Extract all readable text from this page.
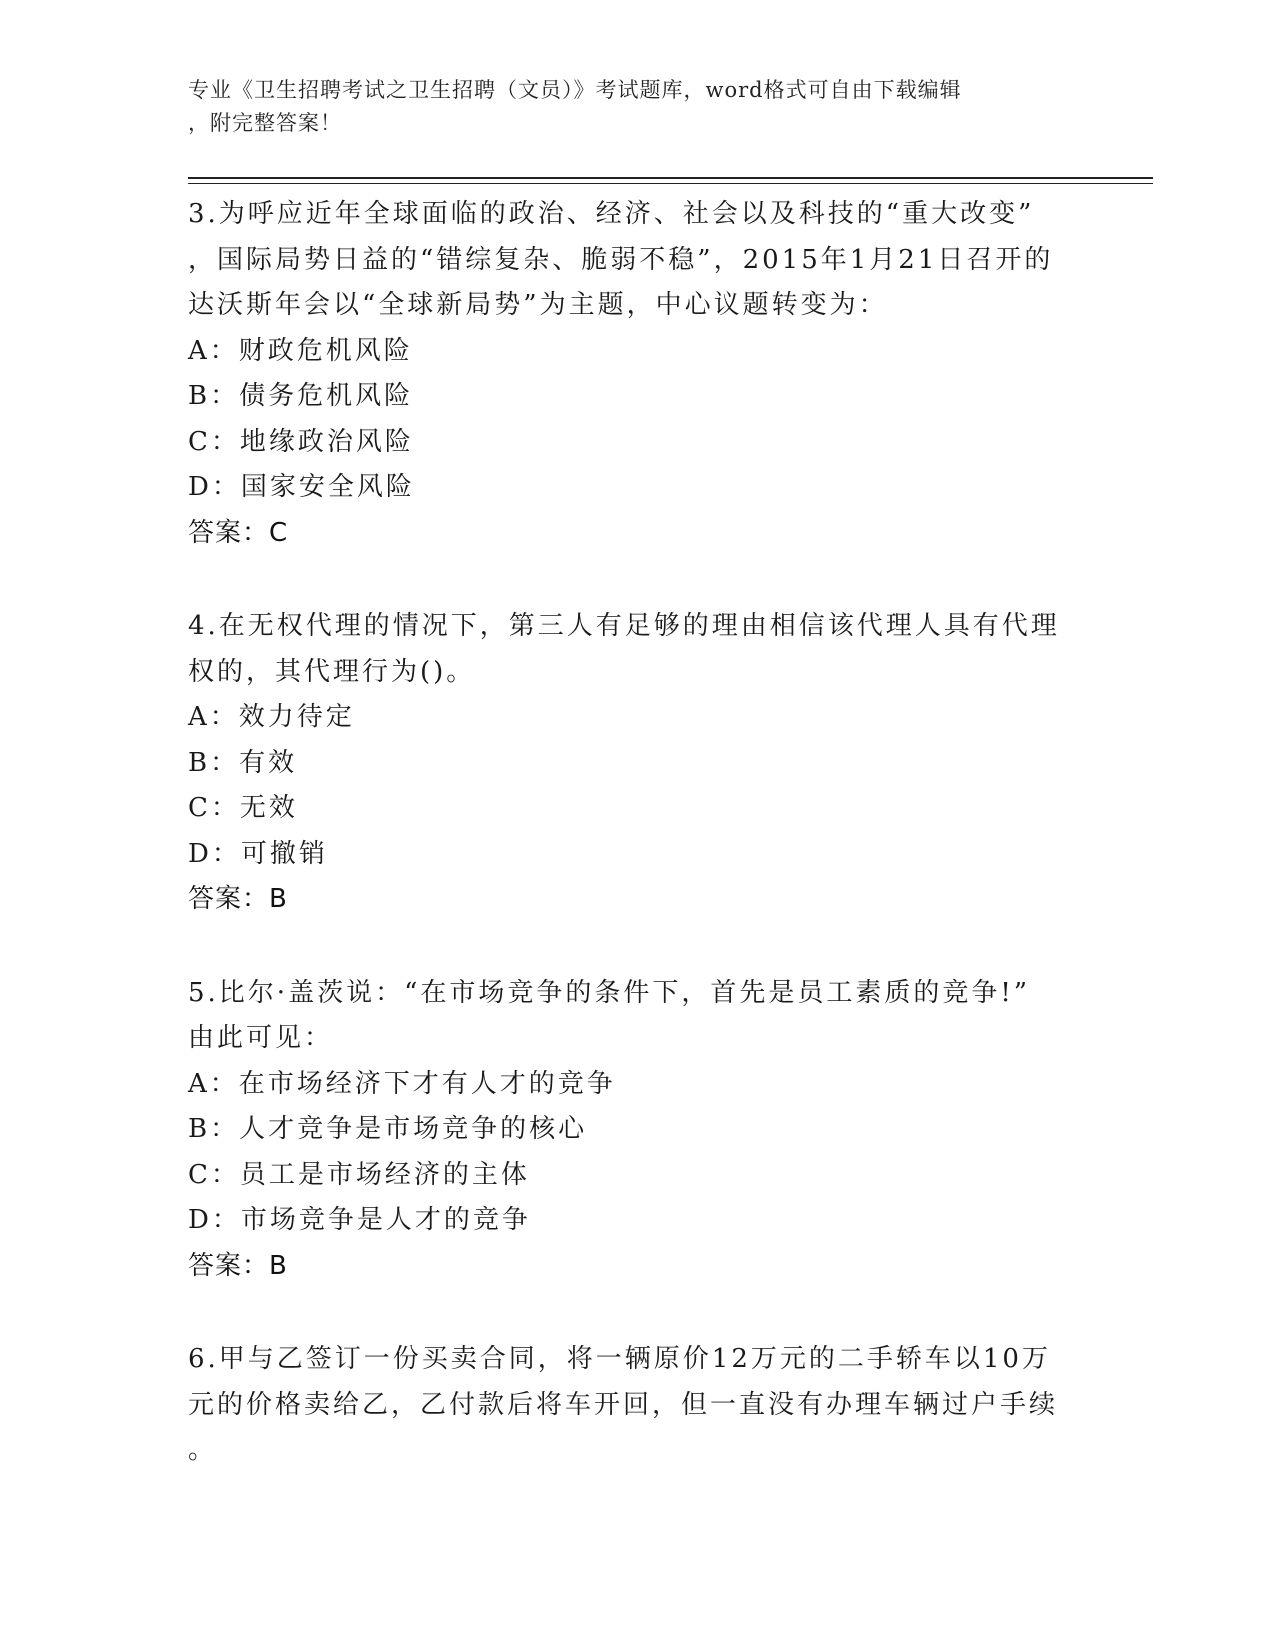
专业《卫生招聘考试之卫生招聘（文员）》考试题库，word格式可自由下载编辑
，附完整答案！
3.为呼应近年全球面临的政治、经济、社会以及科技的“重大改变”
，国际局势日益的“错综复杂、脆弱不稳”，2015年1月21日召开的
达沃斯年会以“全球新局势”为主题，中心议题转变为：
A：财政危机风险
B：债务危机风险
C：地缘政治风险
D：国家安全风险
答案：C
4.在无权代理的情况下，第三人有足够的理由相信该代理人具有代理
权的，其代理行为()。
A：效力待定
B：有效
C：无效
D：可撤销
答案：B
5.比尔·盖茨说：“在市场竞争的条件下，首先是员工素质的竞争!”
由此可见：
A：在市场经济下才有人才的竞争
B：人才竞争是市场竞争的核心
C：员工是市场经济的主体
D：市场竞争是人才的竞争
答案：B
6.甲与乙签订一份买卖合同，将一辆原价12万元的二手轿车以10万
元的价格卖给乙，乙付款后将车开回，但一直没有办理车辆过户手续
。
